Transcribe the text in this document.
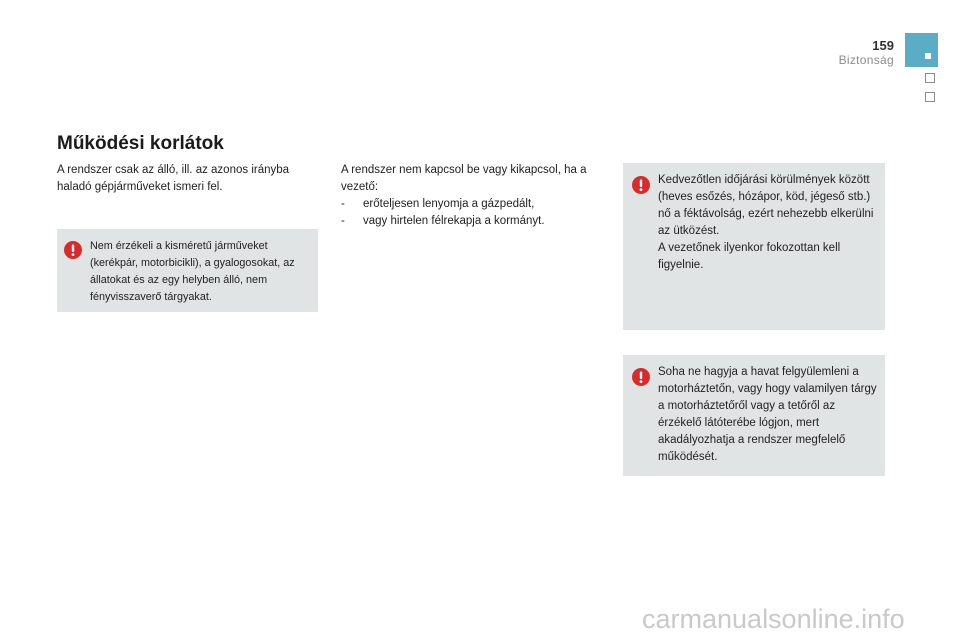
159
Biztonság
Működési korlátok

A rendszer csak az álló, ill. az azonos irányba haladó gépjárműveket ismeri fel.

Nem érzékeli a kisméretű járműveket (kerékpár, motorbicikli), a gyalogosokat, az állatokat és az egy helyben álló, nem fényvisszaverő tárgyakat.

A rendszer nem kapcsol be vagy kikapcsol, ha a vezető:
- erőteljesen lenyomja a gázpedált,
- vagy hirtelen félrekapja a kormányt.
Kedvezőtlen időjárási körülmények között (heves esőzés, hózápor, köd, jégeső stb.) nő a féktávolság, ezért nehezebb elkerülni az ütközést.
A vezetőnek ilyenkor fokozottan kell figyelnie.

Soha ne hagyja a havat felgyülemleni a motorháztetőn, vagy hogy valamilyen tárgy a motorháztetőről vagy a tetőről az érzékelő látóterébe lógjon, mert akadályozhatja a rendszer megfelelő működését.

carmanualsonline.info
